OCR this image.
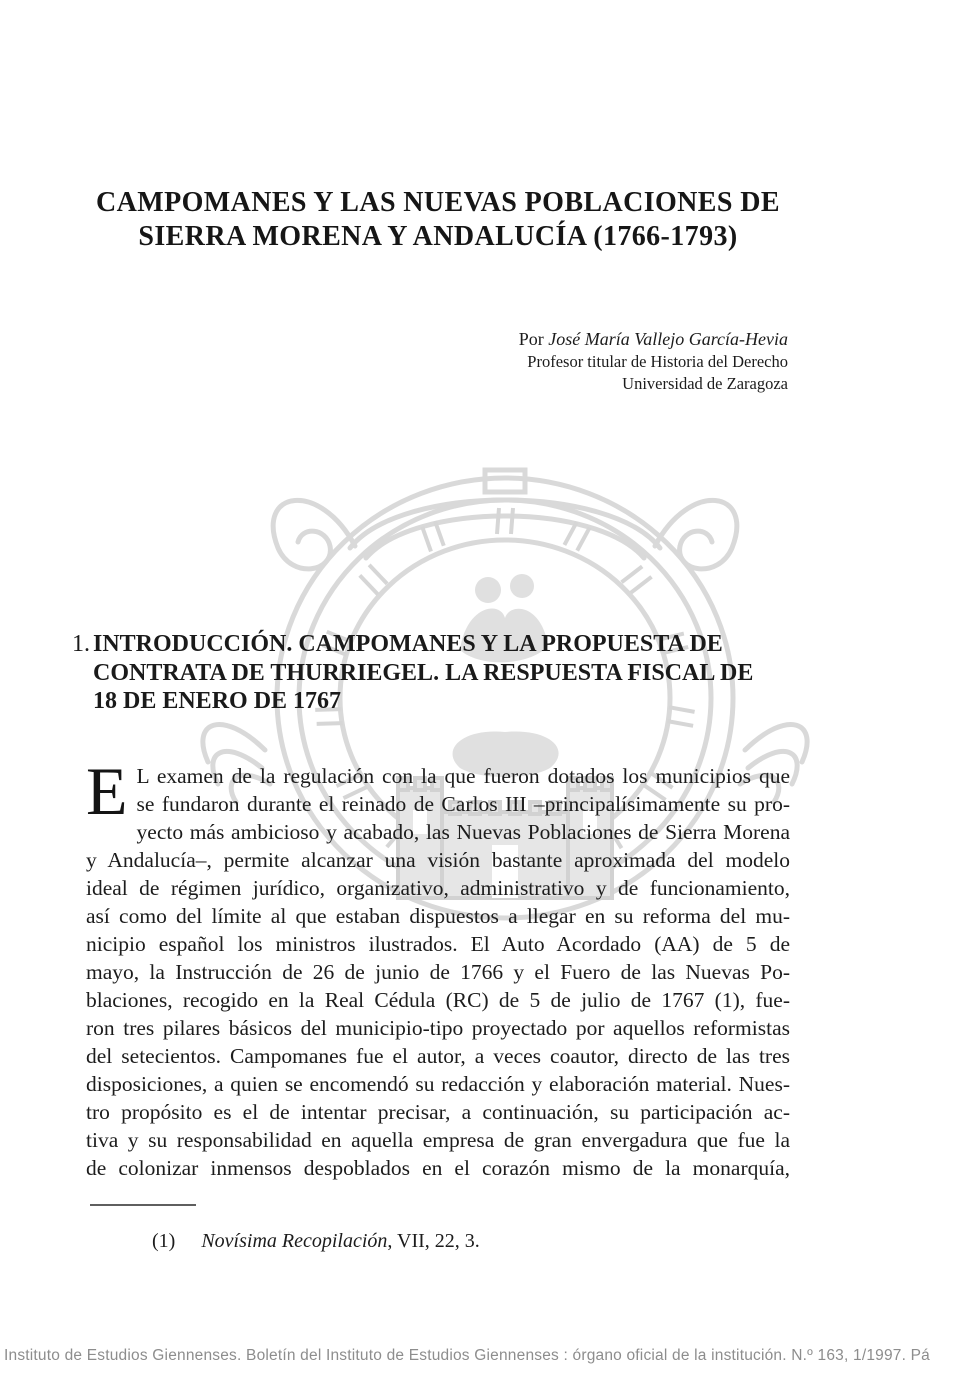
CAMPOMANES Y LAS NUEVAS POBLACIONES DE
SIERRA MORENA Y ANDALUCÍA (1766-1793)
Por José María Vallejo García-Hevia
Profesor titular de Historia del Derecho
Universidad de Zaragoza
1. INTRODUCCIÓN. CAMPOMANES Y LA PROPUESTA DE
CONTRATA DE THURRIEGEL. LA RESPUESTA FISCAL DE
18 DE ENERO DE 1767
E L examen de la regulación con la que fueron dotados los municipios que
se fundaron durante el reinado de Carlos III –principalísimamente su pro-
yecto más ambicioso y acabado, las Nuevas Poblaciones de Sierra Morena
y Andalucía–, permite alcanzar una visión bastante aproximada del modelo
ideal de régimen jurídico, organizativo, administrativo y de funcionamiento,
así como del límite al que estaban dispuestos a llegar en su reforma del mu-
nicipio español los ministros ilustrados. El Auto Acordado (AA) de 5 de
mayo, la Instrucción de 26 de junio de 1766 y el Fuero de las Nuevas Po-
blaciones, recogido en la Real Cédula (RC) de 5 de julio de 1767 (1), fue-
ron tres pilares básicos del municipio-tipo proyectado por aquellos reformistas
del setecientos. Campomanes fue el autor, a veces coautor, directo de las tres
disposiciones, a quien se encomendó su redacción y elaboración material. Nues-
tro propósito es el de intentar precisar, a continuación, su participación ac-
tiva y su responsabilidad en aquella empresa de gran envergadura que fue la
de colonizar inmensos despoblados en el corazón mismo de la monarquía,
(1) Novísima Recopilación, VII, 22, 3.
Instituto de Estudios Giennenses. Boletín del Instituto de Estudios Giennenses : órgano oficial de la institución. N.º 163, 1/1997. Pá
